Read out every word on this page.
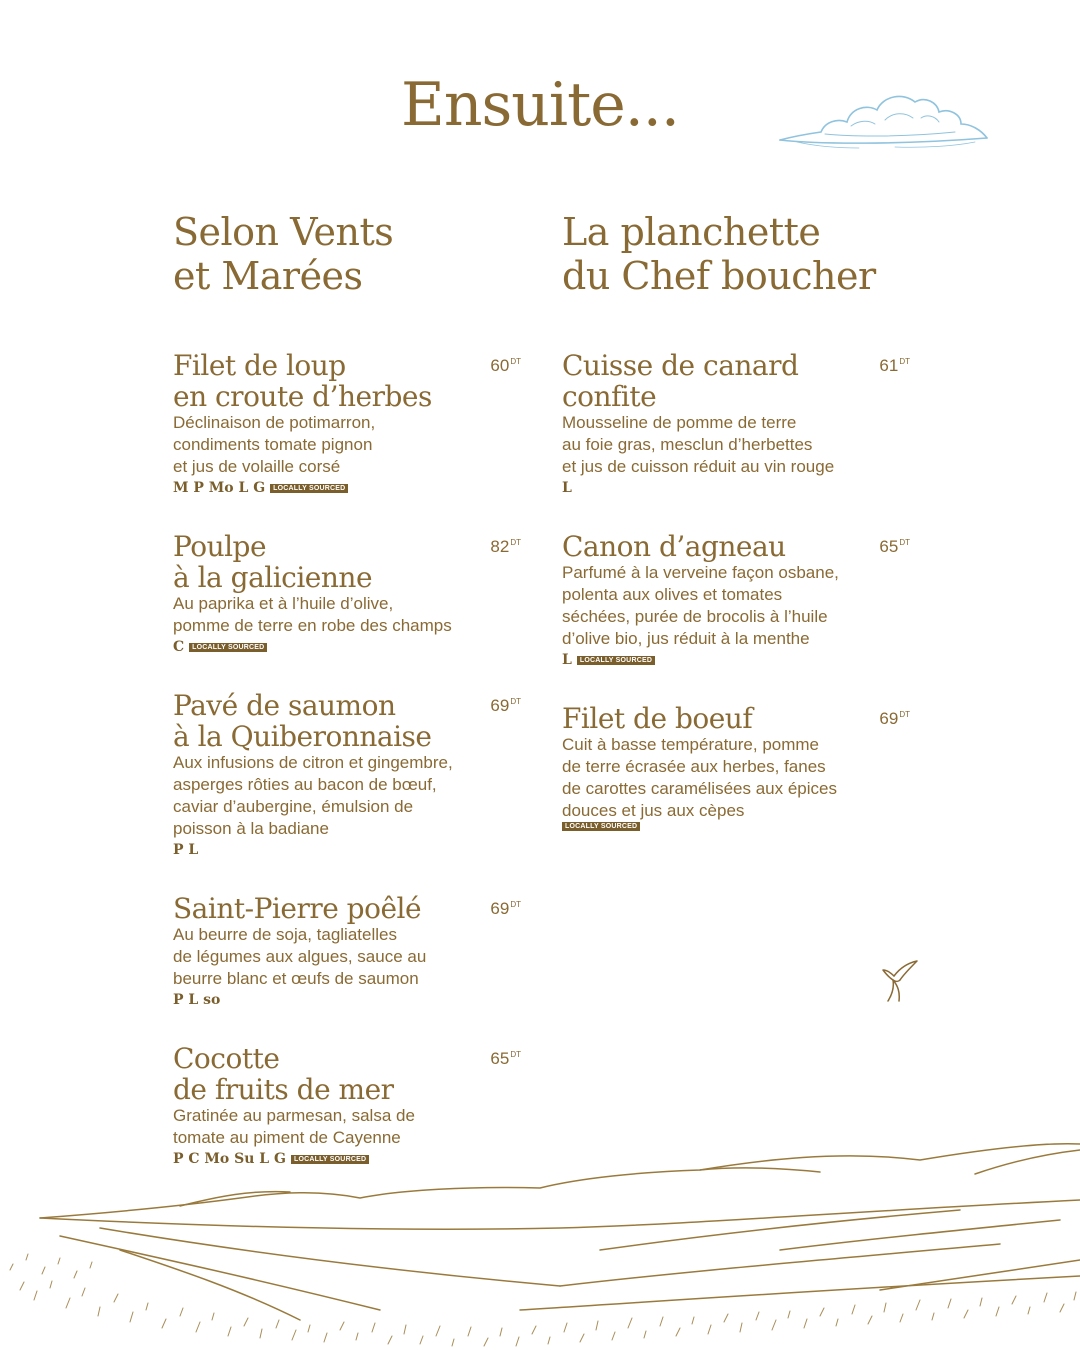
Ensuite...
Selon Vents
et Marées
Filet de loup
en croute d’herbes
$60^{DT}$
Déclinaison de potimarron,
condiments tomate pignon
et jus de volaille corsé
M P Mo L G	LOCALLY SOURCED
Poulpe
à la galicienne
$82^{DT}$
Au paprika et à l’huile d’olive,
pomme de terre en robe des champs
C	LOCALLY SOURCED
Pavé de saumon
à la Quiberonnaise
$69^{DT}$
Aux infusions de citron et gingembre,
asperges rôties au bacon de bœuf,
caviar d’aubergine, émulsion de
poisson à la badiane
P L
Saint-Pierre poêlé	$69^{DT}$
Au beurre de soja, tagliatelles
de légumes aux algues, sauce au
beurre blanc et œufs de saumon
P L so
Cocotte
de fruits de mer
$65^{DT}$
Gratinée au parmesan, salsa de
tomate au piment de Cayenne
P C Mo Su L G	LOCALLY SOURCED
La planchette
du Chef boucher
Cuisse de canard
confite
$61^{DT}$
Mousseline de pomme de terre
au foie gras, mesclun d’herbettes
et jus de cuisson réduit au vin rouge
L
Canon d’agneau	$65^{DT}$
Parfumé à la verveine façon osbane,
polenta aux olives et tomates
séchées, purée de brocolis à l’huile
d’olive bio, jus réduit à la menthe
L	LOCALLY SOURCED
Filet de boeuf	$69^{DT}$
Cuit à basse température, pomme
de terre écrasée aux herbes, fanes
de carottes caramélisées aux épices
douces et jus aux cèpes
LOCALLY SOURCED
